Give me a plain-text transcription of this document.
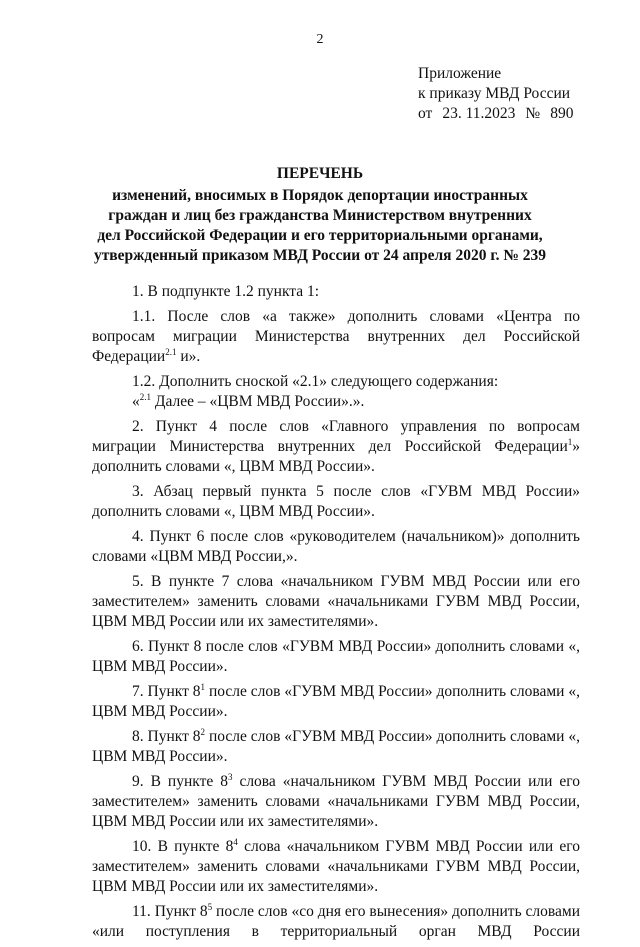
2
Приложение
к приказу МВД России
от 23. 11.2023 № 890
ПЕРЕЧЕНЬ
изменений, вносимых в Порядок депортации иностранных
граждан и лиц без гражданства Министерством внутренних
дел Российской Федерации и его территориальными органами,
утвержденный приказом МВД России от 24 апреля 2020 г. № 239

1. В подпункте 1.2 пункта 1:

1.1. После слов «а также» дополнить словами «Центра по вопросам миграции Министерства внутренних дел Российской Федерации$^{2.1}$ и».

1.2. Дополнить сноской «2.1» следующего содержания:

«$^{2.1}$ Далее – «ЦВМ МВД России».».

2. Пункт 4 после слов «Главного управления по вопросам миграции Министерства внутренних дел Российской Федерации$^1$» дополнить словами «, ЦВМ МВД России».

3. Абзац первый пункта 5 после слов «ГУВМ МВД России» дополнить словами «, ЦВМ МВД России».

4. Пункт 6 после слов «руководителем (начальником)» дополнить словами «ЦВМ МВД России,».

5. В пункте 7 слова «начальником ГУВМ МВД России или его заместителем» заменить словами «начальниками ГУВМ МВД России, ЦВМ МВД России или их заместителями».

6. Пункт 8 после слов «ГУВМ МВД России» дополнить словами «, ЦВМ МВД России».

7. Пункт $8^1$ после слов «ГУВМ МВД России» дополнить словами «, ЦВМ МВД России».

8. Пункт $8^2$ после слов «ГУВМ МВД России» дополнить словами «, ЦВМ МВД России».

9. В пункте $8^3$ слова «начальником ГУВМ МВД России или его заместителем» заменить словами «начальниками ГУВМ МВД России, ЦВМ МВД России или их заместителями».

10. В пункте $8^4$ слова «начальником ГУВМ МВД России или его заместителем» заменить словами «начальниками ГУВМ МВД России, ЦВМ МВД России или их заместителями».

11. Пункт $8^5$ после слов «со дня его вынесения» дополнить словами «или поступления в территориальный орган МВД России
